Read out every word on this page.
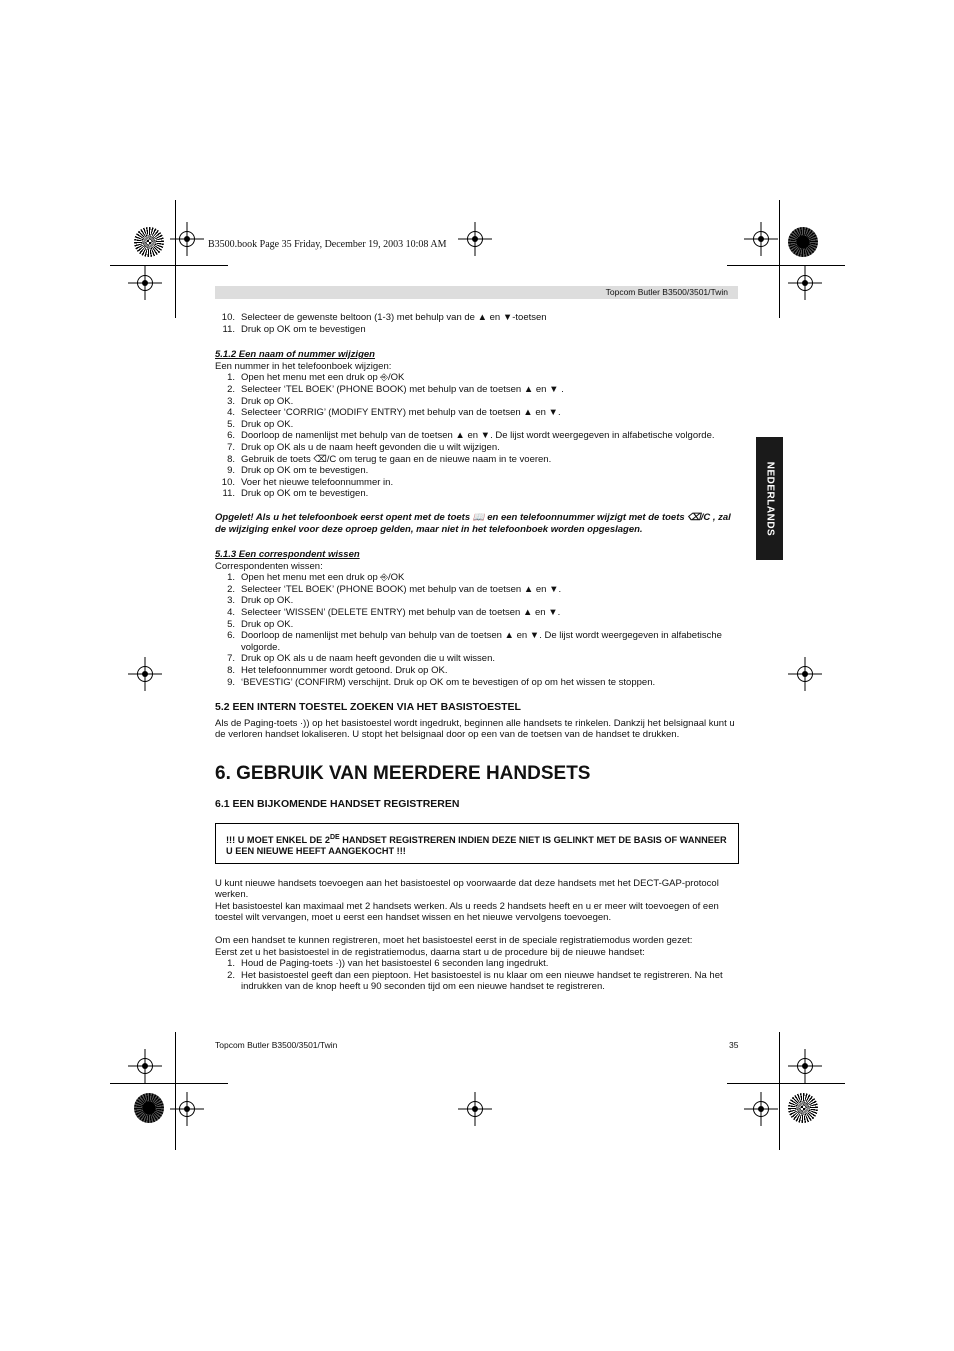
B3500.book Page 35 Friday, December 19, 2003 10:08 AM
Topcom Butler B3500/3501/Twin
NEDERLANDS
10. Selecteer de gewenste beltoon (1-3) met behulp van de ▲ en ▼-toetsen
11. Druk op OK om te bevestigen

5.1.2 Een naam of nummer wijzigen

Een nummer in het telefoonboek wijzigen:

1. Open het menu met een druk op ⎆/OK
2. Selecteer ‘TEL BOEK’ (PHONE BOOK) met behulp van de toetsen ▲ en ▼ .
3. Druk op OK.
4. Selecteer ‘CORRIG’ (MODIFY ENTRY) met behulp van de toetsen ▲ en ▼.
5. Druk op OK.
6. Doorloop de namenlijst met behulp van de toetsen ▲ en ▼. De lijst wordt weergegeven in alfabetische volgorde.
7. Druk op OK als u de naam heeft gevonden die u wilt wijzigen.
8. Gebruik de toets ⌫/C om terug te gaan en de nieuwe naam in te voeren.
9. Druk op OK om te bevestigen.
10. Voer het nieuwe telefoonnummer in.
11. Druk op OK om te bevestigen.

Opgelet! Als u het telefoonboek eerst opent met de toets 📖 en een telefoonnummer wijzigt met de toets ⌫/C , zal de wijziging enkel voor deze oproep gelden, maar niet in het telefoonboek worden opgeslagen.

5.1.3 Een correspondent wissen

Correspondenten wissen:

1. Open het menu met een druk op ⎆/OK
2. Selecteer ‘TEL BOEK’ (PHONE BOOK) met behulp van de toetsen ▲ en ▼.
3. Druk op OK.
4. Selecteer ‘WISSEN’ (DELETE ENTRY) met behulp van de toetsen ▲ en ▼.
5. Druk op OK.
6. Doorloop de namenlijst met behulp van behulp van de toetsen ▲ en ▼. De lijst wordt weergegeven in alfabetische volgorde.
7. Druk op OK als u de naam heeft gevonden die u wilt wissen.
8. Het telefoonnummer wordt getoond. Druk op OK.
9. ‘BEVESTIG’ (CONFIRM) verschijnt. Druk op OK om te bevestigen of op om het wissen te stoppen.

5.2 EEN INTERN TOESTEL ZOEKEN VIA HET BASISTOESTEL

Als de Paging-toets ·)) op het basistoestel wordt ingedrukt, beginnen alle handsets te rinkelen. Dankzij het belsignaal kunt u de verloren handset lokaliseren. U stopt het belsignaal door op een van de toetsen van de handset te drukken.

6. GEBRUIK VAN MEERDERE HANDSETS

6.1 EEN BIJKOMENDE HANDSET REGISTREREN

!!! U MOET ENKEL DE 2DE HANDSET REGISTREREN INDIEN DEZE NIET IS GELINKT MET DE BASIS OF WANNEER U EEN NIEUWE HEEFT AANGEKOCHT !!!

U kunt nieuwe handsets toevoegen aan het basistoestel op voorwaarde dat deze handsets met het DECT-GAP-protocol werken.

Het basistoestel kan maximaal met 2 handsets werken. Als u reeds 2 handsets heeft en u er meer wilt toevoegen of een toestel wilt vervangen, moet u eerst een handset wissen en het nieuwe vervolgens toevoegen.

Om een handset te kunnen registreren, moet het basistoestel eerst in de speciale registratiemodus worden gezet:

Eerst zet u het basistoestel in de registratiemodus, daarna start u de procedure bij de nieuwe handset:

1. Houd de Paging-toets ·)) van het basistoestel 6 seconden lang ingedrukt.
2. Het basistoestel geeft dan een pieptoon. Het basistoestel is nu klaar om een nieuwe handset te registreren. Na het indrukken van de knop heeft u 90 seconden tijd om een nieuwe handset te registreren.
Topcom Butler B3500/3501/Twin	35
